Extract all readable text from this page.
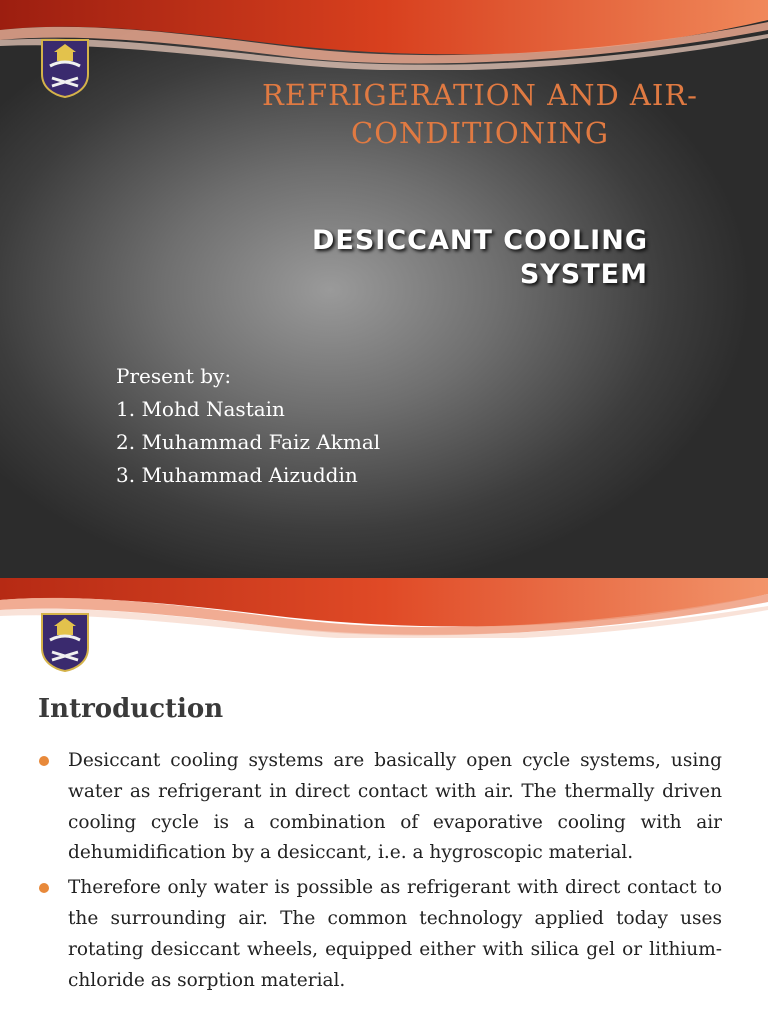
REFRIGERATION AND AIR-CONDITIONING
DESICCANT COOLING
SYSTEM
Present by:
1. Mohd Nastain
2. Muhammad Faiz Akmal
3. Muhammad Aizuddin
Introduction
Desiccant cooling systems are basically open cycle systems, using water as refrigerant in direct contact with air. The thermally driven cooling cycle is a combination of evaporative cooling with air dehumidification by a desiccant, i.e. a hygroscopic material.
Therefore only water is possible as refrigerant with direct contact to the surrounding air. The common technology applied today uses rotating desiccant wheels, equipped either with silica gel or lithium-chloride as sorption material.
